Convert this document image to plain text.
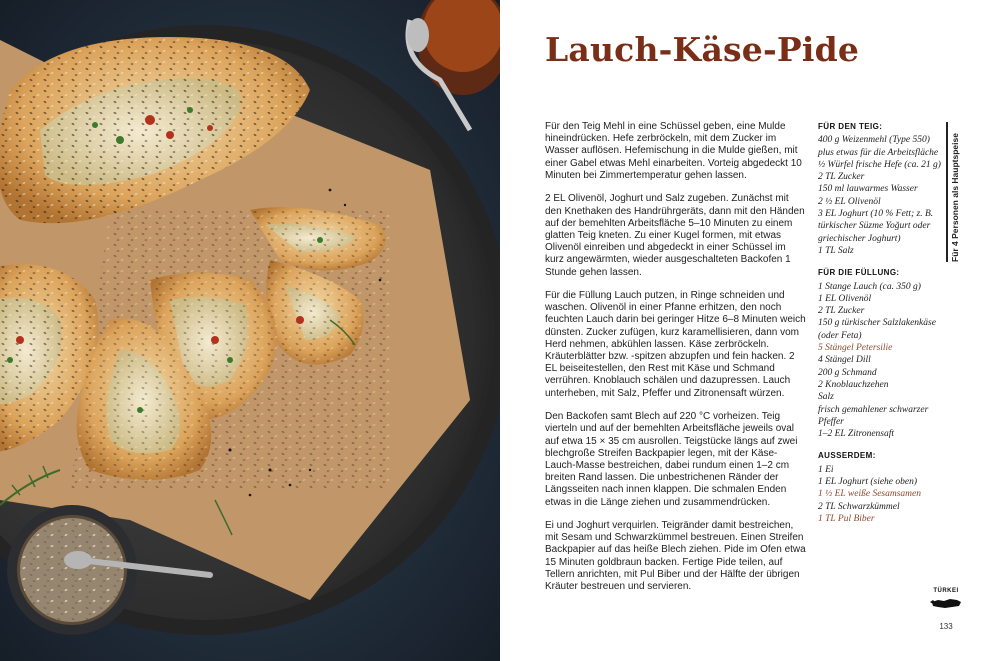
Lauch-Käse-Pide

Für den Teig Mehl in eine Schüssel geben, eine Mulde hineindrücken. Hefe zerbröckeln, mit dem Zucker im Wasser auflösen. Hefemischung in die Mulde gießen, mit einer Gabel etwas Mehl einarbeiten. Vorteig abgedeckt 10 Minuten bei Zimmertemperatur gehen lassen.

2 EL Olivenöl, Joghurt und Salz zugeben. Zunächst mit den Knethaken des Handrührgeräts, dann mit den Händen auf der bemehlten Arbeitsfläche 5–10 Minuten zu einem glatten Teig kneten. Zu einer Kugel formen, mit etwas Olivenöl einreiben und abgedeckt in einer Schüssel im kurz angewärmten, wieder ausgeschalteten Backofen 1 Stunde gehen lassen.

Für die Füllung Lauch putzen, in Ringe schneiden und waschen. Olivenöl in einer Pfanne erhitzen, den noch feuchten Lauch darin bei geringer Hitze 6–8 Minuten weich dünsten. Zucker zufügen, kurz karamellisieren, dann vom Herd nehmen, abkühlen lassen. Käse zerbröckeln. Kräuterblätter bzw. -spitzen abzupfen und fein hacken. 2 EL beiseitestellen, den Rest mit Käse und Schmand verrühren. Knoblauch schälen und dazupressen. Lauch unterheben, mit Salz, Pfeffer und Zitronensaft würzen.

Den Backofen samt Blech auf 220 °C vorheizen. Teig vierteln und auf der bemehlten Arbeitsfläche jeweils oval auf etwa 15 × 35 cm ausrollen. Teigstücke längs auf zwei blechgroße Streifen Backpapier legen, mit der Käse-Lauch-Masse bestreichen, dabei rundum einen 1–2 cm breiten Rand lassen. Die unbestrichenen Ränder der Längsseiten nach innen klappen. Die schmalen Enden etwas in die Länge ziehen und zusammendrücken.

Ei und Joghurt verquirlen. Teigränder damit bestreichen, mit Sesam und Schwarzkümmel bestreuen. Einen Streifen Backpapier auf das heiße Blech ziehen. Pide im Ofen etwa 15 Minuten goldbraun backen. Fertige Pide teilen, auf Tellern anrichten, mit Pul Biber und der Hälfte der übrigen Kräuter bestreuen und servieren.

FÜR DEN TEIG:
400 g Weizenmehl (Type 550) plus etwas für die Arbeitsfläche
½ Würfel frische Hefe (ca. 21 g)
2 TL Zucker
150 ml lauwarmes Wasser
2 ½ EL Olivenöl
3 EL Joghurt (10 % Fett; z. B. türkischer Süzme Yoğurt oder griechischer Joghurt)
1 TL Salz
FÜR DIE FÜLLUNG:
1 Stange Lauch (ca. 350 g)
1 EL Olivenöl
2 TL Zucker
150 g türkischer Salzlakenkäse (oder Feta)
5 Stängel Petersilie
4 Stängel Dill
200 g Schmand
2 Knoblauchzehen
Salz
frisch gemahlener schwarzer Pfeffer
1–2 EL Zitronensaft
AUSSERDEM:
1 Ei
1 EL Joghurt (siehe oben)
1 ½ EL weiße Sesamsamen
2 TL Schwarzkümmel
1 TL Pul Biber
Für 4 Personen als Hauptspeise
TÜRKEI
133
